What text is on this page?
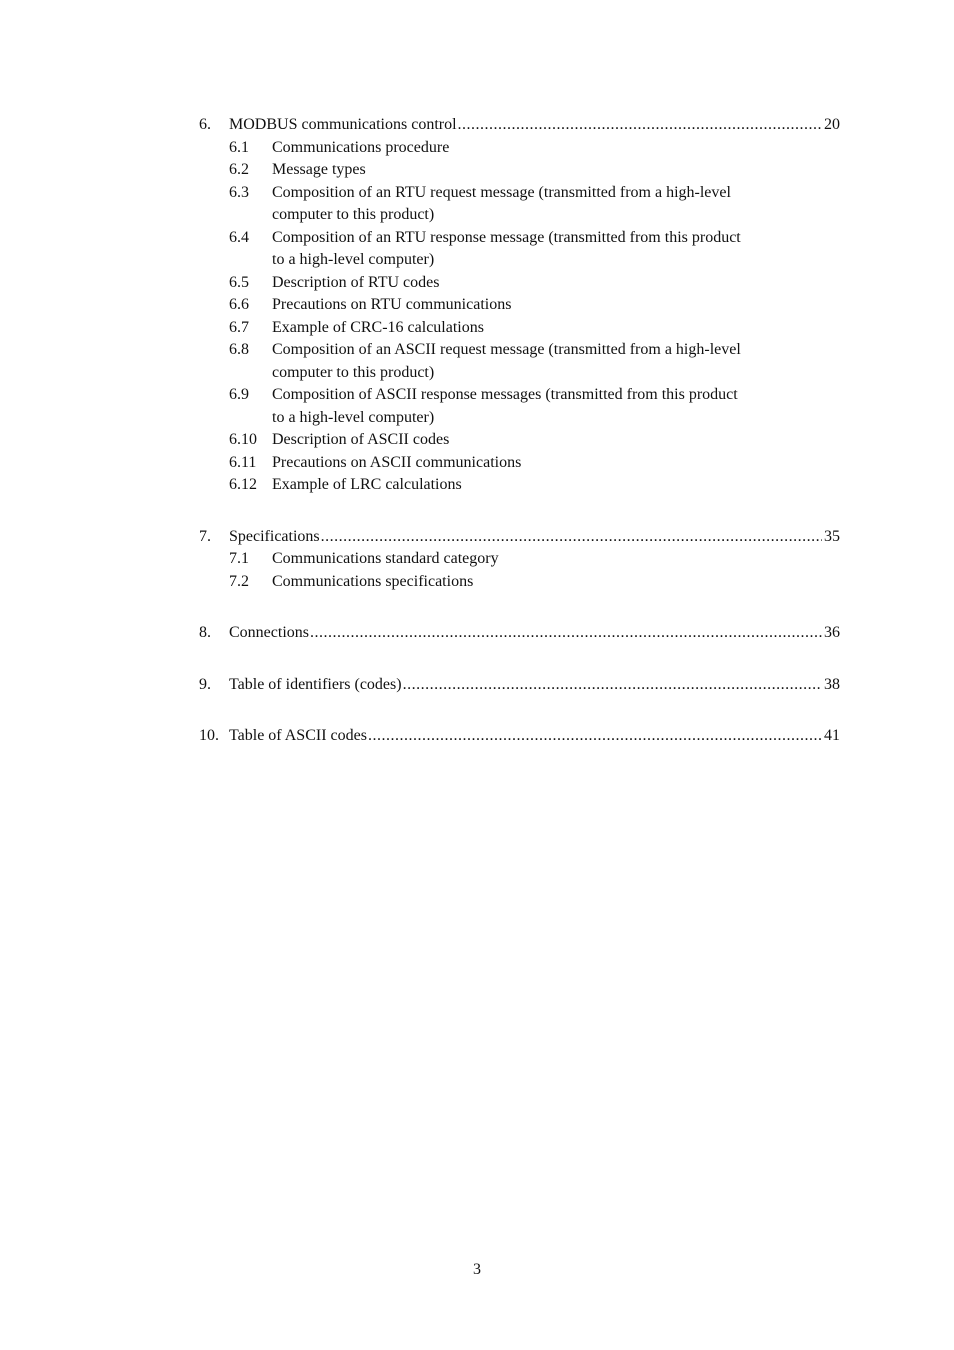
6.	MODBUS communications control .....	20
6.1	Communications procedure
6.2	Message types
6.3	Composition of an RTU request message (transmitted from a high-level
computer to this product)
6.4	Composition of an RTU response message (transmitted from this product
to a high-level computer)
6.5	Description of RTU codes
6.6	Precautions on RTU communications
6.7	Example of CRC-16 calculations
6.8	Composition of an ASCII request message (transmitted from a high-level
computer to this product)
6.9	Composition of ASCII response messages (transmitted from this product
to a high-level computer)
6.10 Description of ASCII codes
6.11 Precautions on ASCII communications
6.12 Example of LRC calculations
7.	Specifications .....	35
7.1	Communications standard category
7.2	Communications specifications
8.	Connections .....	36
9.	Table of identifiers (codes) .....	38
10. Table of ASCII codes .....	41
3
